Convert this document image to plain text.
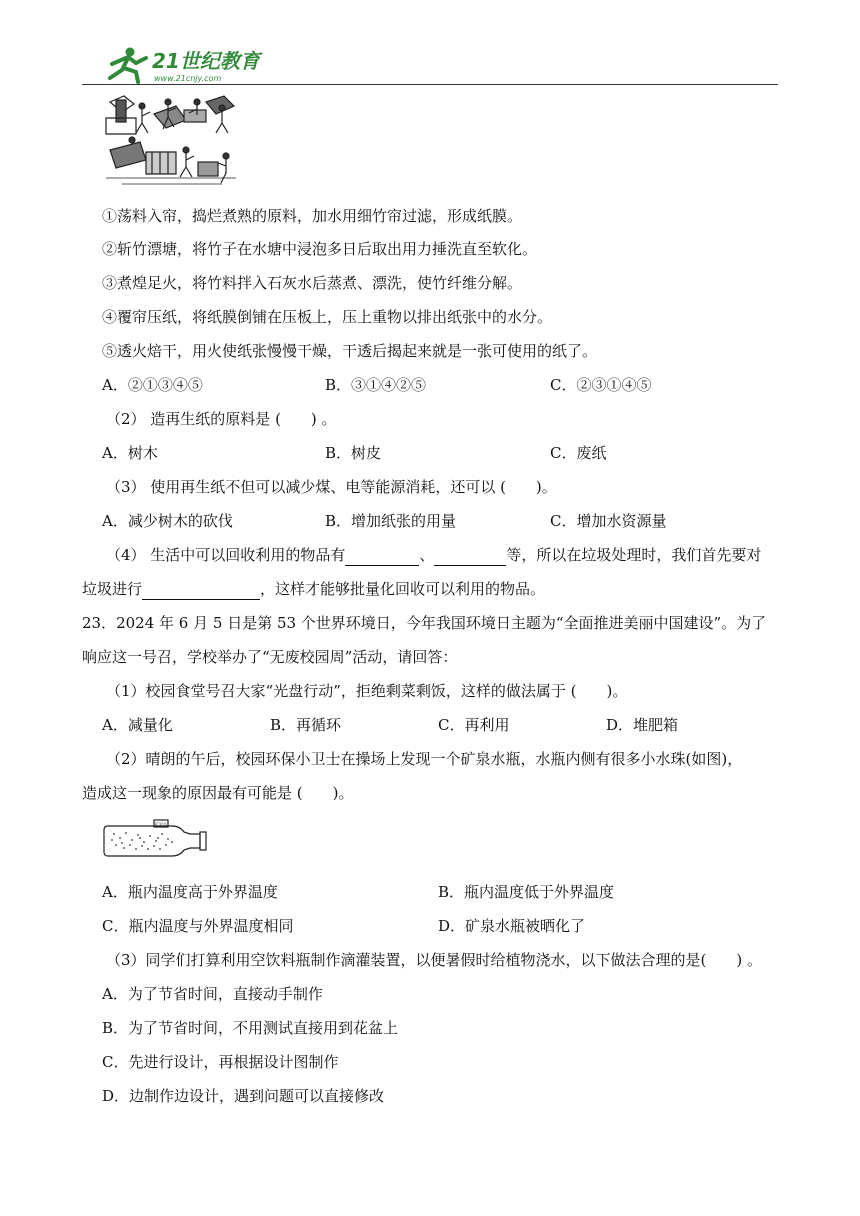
21世纪教育
www.21cnjy.com
①荡料入帘，捣烂煮熟的原料，加水用细竹帘过滤，形成纸膜。
②斩竹漂塘，将竹子在水塘中浸泡多日后取出用力捶洗直至软化。
③煮煌足火，将竹料拌入石灰水后蒸煮、漂洗，使竹纤维分解。
④覆帘压纸，将纸膜倒铺在压板上，压上重物以排出纸张中的水分。
⑤透火焙干，用火使纸张慢慢干燥，干透后揭起来就是一张可使用的纸了。
A．②①③④⑤	B．③①④②⑤	C．②③①④⑤
（2） 造再生纸的原料是 (　　) 。
A．树木	B．树皮	C．废纸
（3） 使用再生纸不但可以减少煤、电等能源消耗，还可以 (　　)。
A．减少树木的砍伐	B．增加纸张的用量	C．增加水资源量
（4） 生活中可以回收利用的物品有	、	等，所以在垃圾处理时，我们首先要对
垃圾进行	，这样才能够批量化回收可以利用的物品。
23．2024 年 6 月 5 日是第 53 个世界环境日，今年我国环境日主题为“全面推进美丽中国建设”。为了
响应这一号召，学校举办了“无废校园周”活动，请回答：
（1）校园食堂号召大家“光盘行动”，拒绝剩菜剩饭，这样的做法属于 (　　)。
A．减量化	B．再循环	C．再利用	D．堆肥箱
（2）晴朗的午后，校园环保小卫士在操场上发现一个矿泉水瓶，水瓶内侧有很多小水珠(如图)，
造成这一现象的原因最有可能是 (　　)。
矿泉水
A．瓶内温度高于外界温度	B．瓶内温度低于外界温度
C．瓶内温度与外界温度相同	D．矿泉水瓶被晒化了
（3）同学们打算利用空饮料瓶制作滴灌装置，以便暑假时给植物浇水，以下做法合理的是(　　) 。
A．为了节省时间，直接动手制作
B．为了节省时间，不用测试直接用到花盆上
C．先进行设计，再根据设计图制作
D．边制作边设计，遇到问题可以直接修改
